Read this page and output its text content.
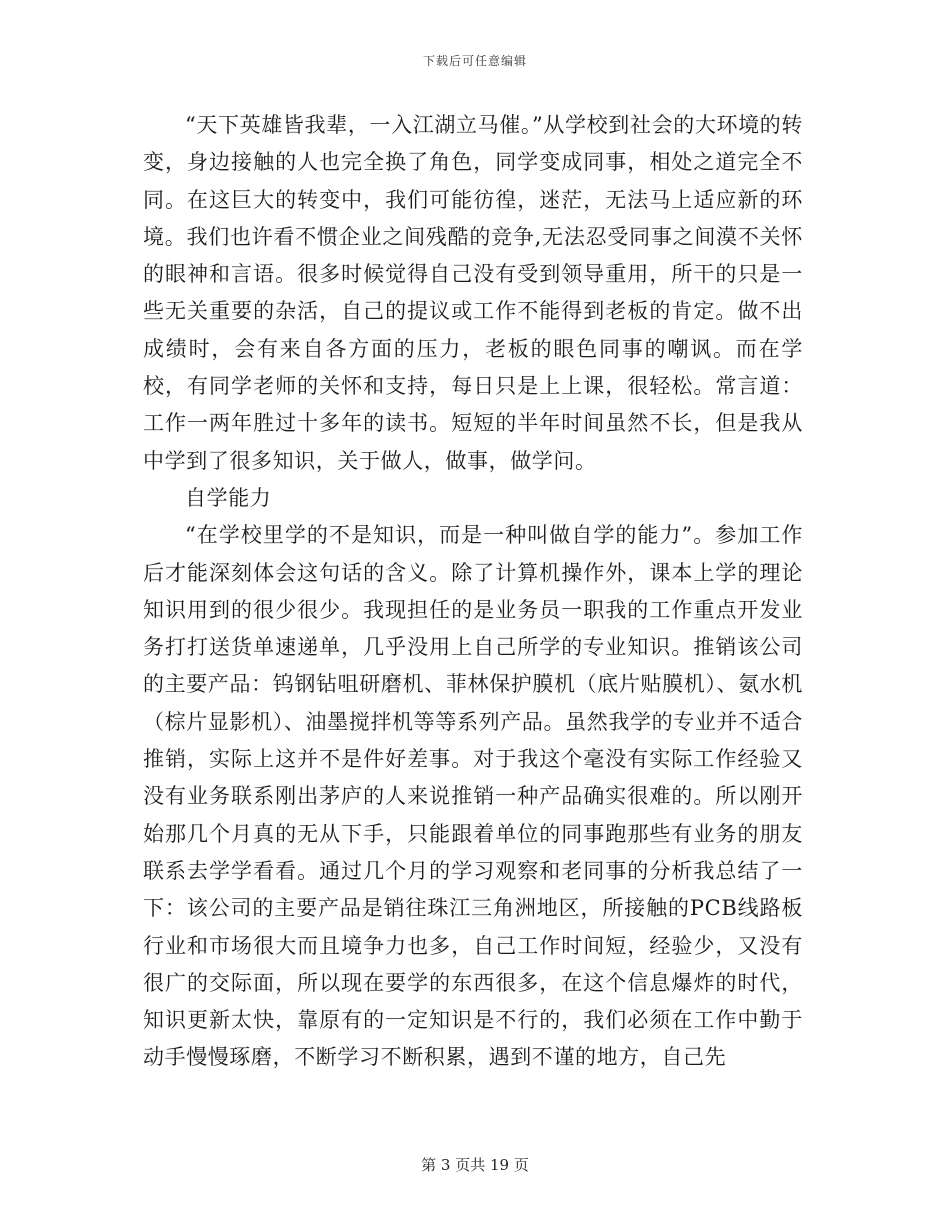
下载后可任意编辑

“天下英雄皆我辈，一入江湖立马催。”从学校到社会的大环境的转变，身边接触的人也完全换了角色，同学变成同事，相处之道完全不同。在这巨大的转变中，我们可能彷徨，迷茫，无法马上适应新的环境。我们也许看不惯企业之间残酷的竞争,无法忍受同事之间漠不关怀的眼神和言语。很多时候觉得自己没有受到领导重用，所干的只是一些无关重要的杂活，自己的提议或工作不能得到老板的肯定。做不出成绩时，会有来自各方面的压力，老板的眼色同事的嘲讽。而在学校，有同学老师的关怀和支持，每日只是上上课，很轻松。常言道：工作一两年胜过十多年的读书。短短的半年时间虽然不长，但是我从中学到了很多知识，关于做人，做事，做学问。

自学能力

“在学校里学的不是知识，而是一种叫做自学的能力”。参加工作后才能深刻体会这句话的含义。除了计算机操作外，课本上学的理论知识用到的很少很少。我现担任的是业务员一职我的工作重点开发业务打打送货单速递单，几乎没用上自己所学的专业知识。推销该公司的主要产品：钨钢钻咀研磨机、菲林保护膜机（底片贴膜机）、氨水机（棕片显影机）、油墨搅拌机等等系列产品。虽然我学的专业并不适合推销，实际上这并不是件好差事。对于我这个毫没有实际工作经验又没有业务联系刚出茅庐的人来说推销一种产品确实很难的。所以刚开始那几个月真的无从下手，只能跟着单位的同事跑那些有业务的朋友联系去学学看看。通过几个月的学习观察和老同事的分析我总结了一下：该公司的主要产品是销往珠江三角洲地区，所接触的PCB线路板行业和市场很大而且境争力也多，自己工作时间短，经验少，又没有很广的交际面，所以现在要学的东西很多，在这个信息爆炸的时代，知识更新太快，靠原有的一定知识是不行的，我们必须在工作中勤于动手慢慢琢磨，不断学习不断积累，遇到不谨的地方，自己先

第 3 页共 19 页
